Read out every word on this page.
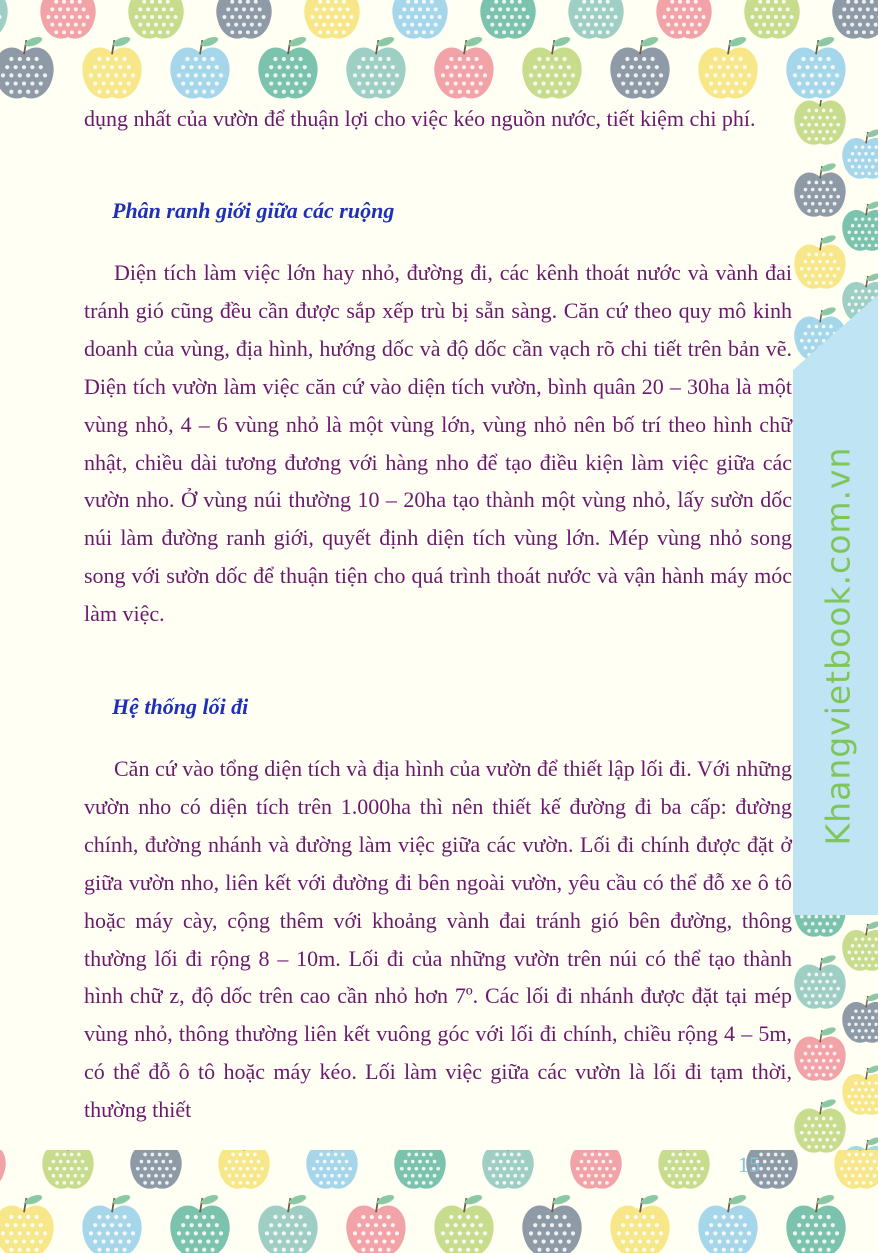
Khangvietbook.com.vn

dụng nhất của vườn để thuận lợi cho việc kéo nguồn nước, tiết kiệm chi phí.

Phân ranh giới giữa các ruộng

Diện tích làm việc lớn hay nhỏ, đường đi, các kênh thoát nước và vành đai tránh gió cũng đều cần được sắp xếp trù bị sẵn sàng. Căn cứ theo quy mô kinh doanh của vùng, địa hình, hướng dốc và độ dốc cần vạch rõ chi tiết trên bản vẽ. Diện tích vườn làm việc căn cứ vào diện tích vườn, bình quân 20 – 30ha là một vùng nhỏ, 4 – 6 vùng nhỏ là một vùng lớn, vùng nhỏ nên bố trí theo hình chữ nhật, chiều dài tương đương với hàng nho để tạo điều kiện làm việc giữa các vườn nho. Ở vùng núi thường 10 – 20ha tạo thành một vùng nhỏ, lấy sườn dốc núi làm đường ranh giới, quyết định diện tích vùng lớn. Mép vùng nhỏ song song với sườn dốc để thuận tiện cho quá trình thoát nước và vận hành máy móc làm việc.

Hệ thống lối đi

Căn cứ vào tổng diện tích và địa hình của vườn để thiết lập lối đi. Với những vườn nho có diện tích trên 1.000ha thì nên thiết kế đường đi ba cấp: đường chính, đường nhánh và đường làm việc giữa các vườn. Lối đi chính được đặt ở giữa vườn nho, liên kết với đường đi bên ngoài vườn, yêu cầu có thể đỗ xe ô tô hoặc máy cày, cộng thêm với khoảng vành đai tránh gió bên đường, thông thường lối đi rộng 8 – 10m. Lối đi của những vườn trên núi có thể tạo thành hình chữ z, độ dốc trên cao cần nhỏ hơn 7º. Các lối đi nhánh được đặt tại mép vùng nhỏ, thông thường liên kết vuông góc với lối đi chính, chiều rộng 4 – 5m, có thể đỗ ô tô hoặc máy kéo. Lối làm việc giữa các vườn là lối đi tạm thời, thường thiết

15
